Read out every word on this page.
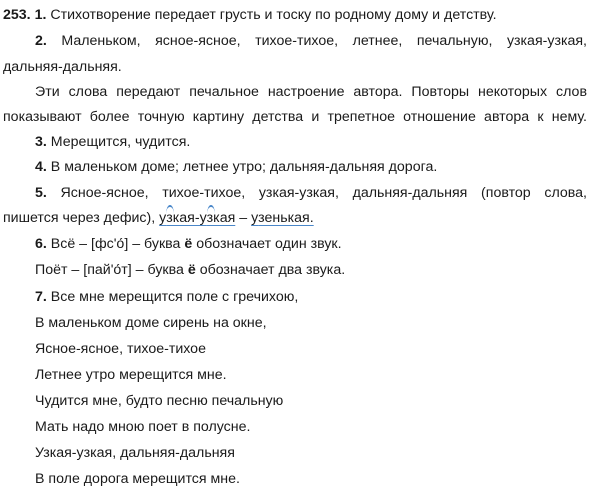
253. 1. Стихотворение передает грусть и тоску по родному дому и детству.
2. Маленьком, ясное-ясное, тихое-тихое, летнее, печальную, узкая-узкая,
дальняя-дальняя.
Эти слова передают печальное настроение автора. Повторы некоторых слов
показывают более точную картину детства и трепетное отношение автора к нему.
3. Мерещится, чудится.
4. В маленьком доме; летнее утро; дальняя-дальняя дорога.
5. Ясное-ясное, тихое-тихое, узкая-узкая, дальняя-дальняя (повтор слова,
пишется через дефис), у
зкая-у
зкая – узенькая.
6. Всё – [фс'о́] – буква ё обозначает один звук.
Поёт – [пай'о́т] – буква ё обозначает два звука.
7. Все мне мерещится поле с гречихою,
В маленьком доме сирень на окне,
Ясное-ясное, тихое-тихое
Летнее утро мерещится мне.
Чудится мне, будто песню печальную
Мать надо мною поет в полусне.
Узкая-узкая, дальняя-дальняя
В поле дорога мерещится мне.
